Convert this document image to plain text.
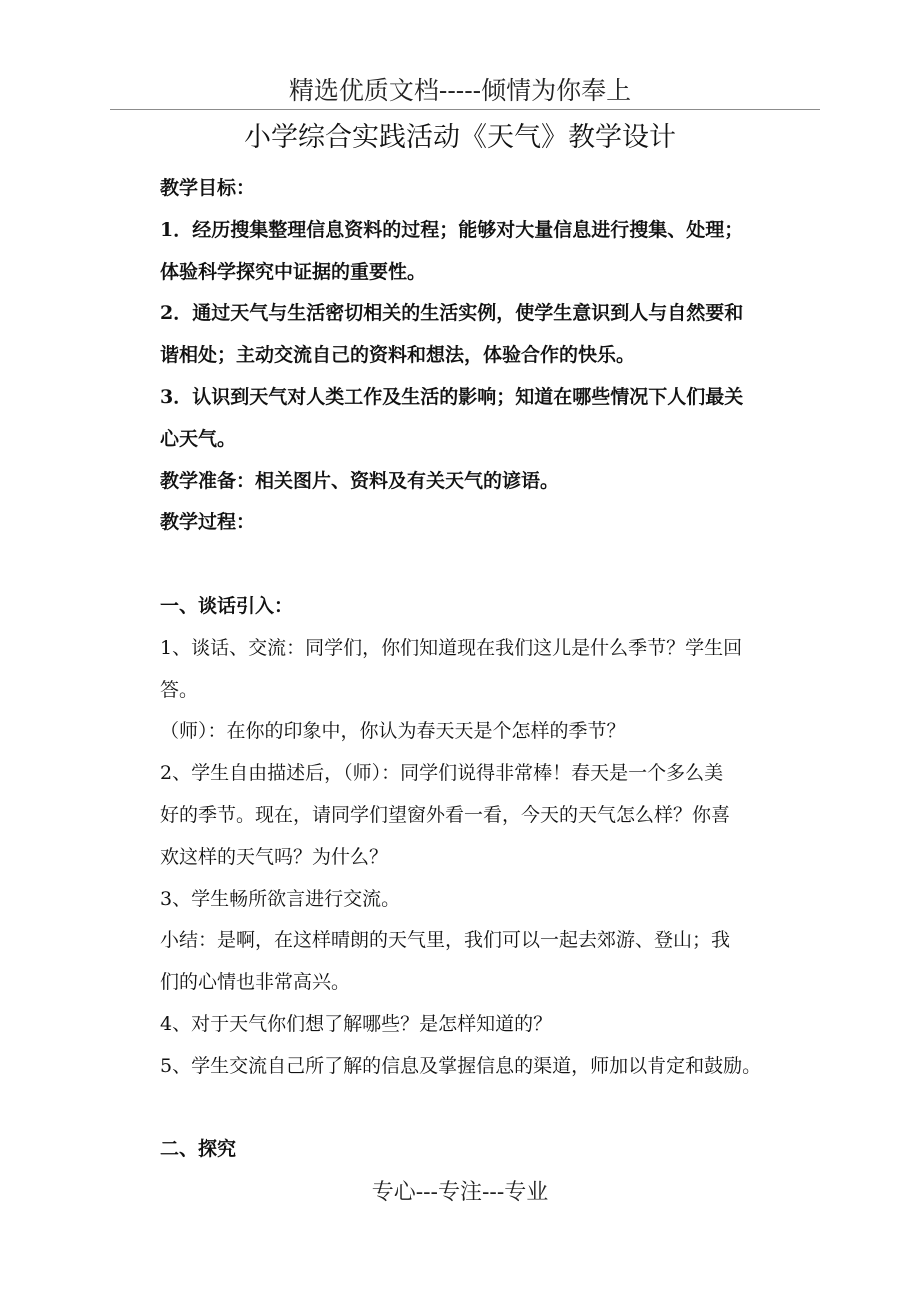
精选优质文档-----倾情为你奉上
小学综合实践活动《天气》教学设计
教学目标：
1．经历搜集整理信息资料的过程；能够对大量信息进行搜集、处理；
体验科学探究中证据的重要性。
2．通过天气与生活密切相关的生活实例，使学生意识到人与自然要和
谐相处；主动交流自己的资料和想法，体验合作的快乐。
3．认识到天气对人类工作及生活的影响；知道在哪些情况下人们最关
心天气。
教学准备：相关图片、资料及有关天气的谚语。
教学过程：
一、谈话引入：
1、谈话、交流：同学们，你们知道现在我们这儿是什么季节？学生回
答。
（师）：在你的印象中，你认为春天天是个怎样的季节？
2、学生自由描述后，（师）：同学们说得非常棒！春天是一个多么美
好的季节。现在，请同学们望窗外看一看，今天的天气怎么样？你喜
欢这样的天气吗？为什么？
3、学生畅所欲言进行交流。
小结：是啊，在这样晴朗的天气里，我们可以一起去郊游、登山；我
们的心情也非常高兴。
4、对于天气你们想了解哪些？是怎样知道的？
5、学生交流自己所了解的信息及掌握信息的渠道，师加以肯定和鼓励。
二、探究
专心---专注---专业
